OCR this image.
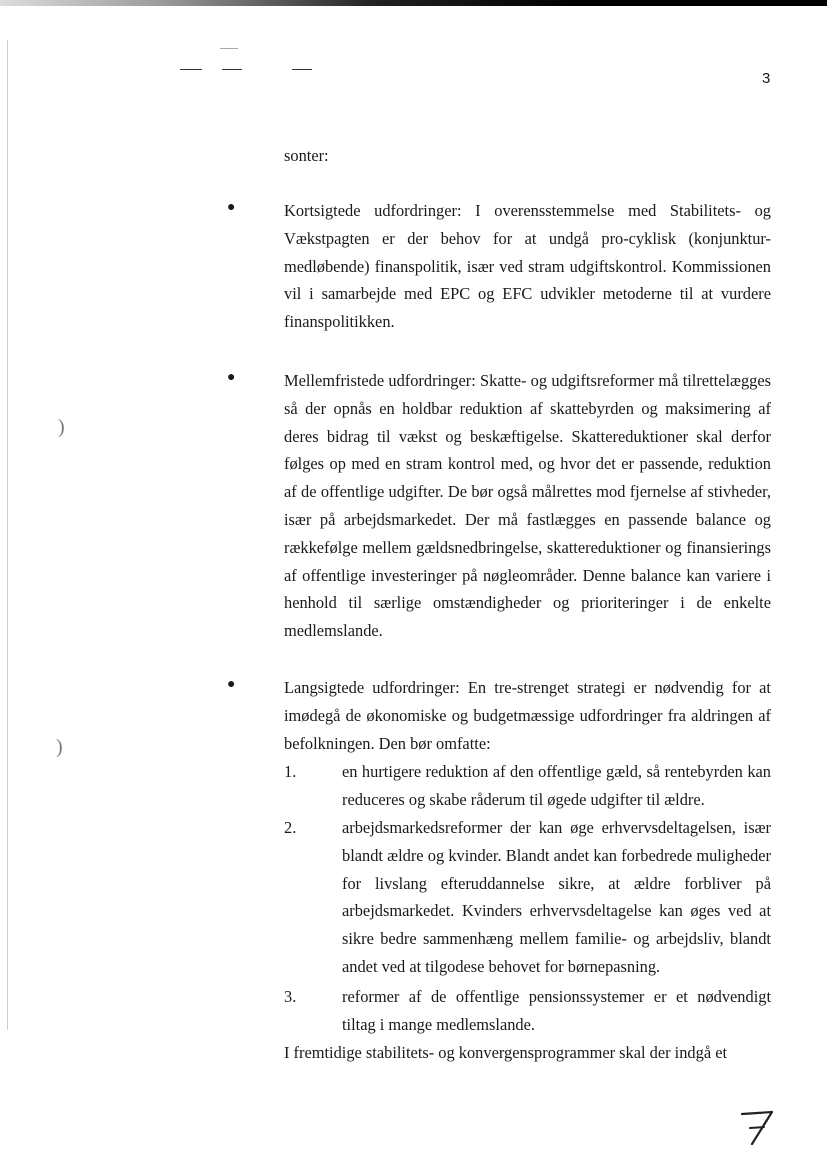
)
)
3

sonter:

●	Kortsigtede udfordringer: I overensstemmelse med Stabilitets- og Vækstpagten er der behov for at undgå pro-cyklisk (konjunktur-medløbende) finanspolitik, især ved stram udgiftskontrol. Kommissionen vil i samarbejde med EPC og EFC udvikler metoderne til at vurdere finanspolitikken.

●	Mellemfristede udfordringer: Skatte- og udgiftsreformer må tilrettelægges så der opnås en holdbar reduktion af skattebyrden og maksimering af deres bidrag til vækst og beskæftigelse. Skattereduktioner skal derfor følges op med en stram kontrol med, og hvor det er passende, reduktion af de offentlige udgifter. De bør også målrettes mod fjernelse af stivheder, især på arbejdsmarkedet. Der må fastlægges en passende balance og rækkefølge mellem gældsnedbringelse, skattereduktioner og finansierings af offentlige investeringer på nøgleområder. Denne balance kan variere i henhold til særlige omstændigheder og prioriteringer i de enkelte medlemslande.

●	Langsigtede udfordringer: En tre-strenget strategi er nødvendig for at imødegå de økonomiske og budgetmæssige udfordringer fra aldringen af befolkningen. Den bør omfatte:

1.	en hurtigere reduktion af den offentlige gæld, så rentebyrden kan reduceres og skabe råderum til øgede udgifter til ældre.

2.	arbejdsmarkedsreformer der kan øge erhvervsdeltagelsen, især blandt ældre og kvinder. Blandt andet kan forbedrede muligheder for livslang efteruddannelse sikre, at ældre forbliver på arbejdsmarkedet. Kvinders erhvervsdeltagelse kan øges ved at sikre bedre sammenhæng mellem familie- og arbejdsliv, blandt andet ved at tilgodese behovet for børnepasning.

3.	reformer af de offentlige pensionssystemer er et nødvendigt tiltag i mange medlemslande.

I fremtidige stabilitets- og konvergensprogrammer skal der indgå et
